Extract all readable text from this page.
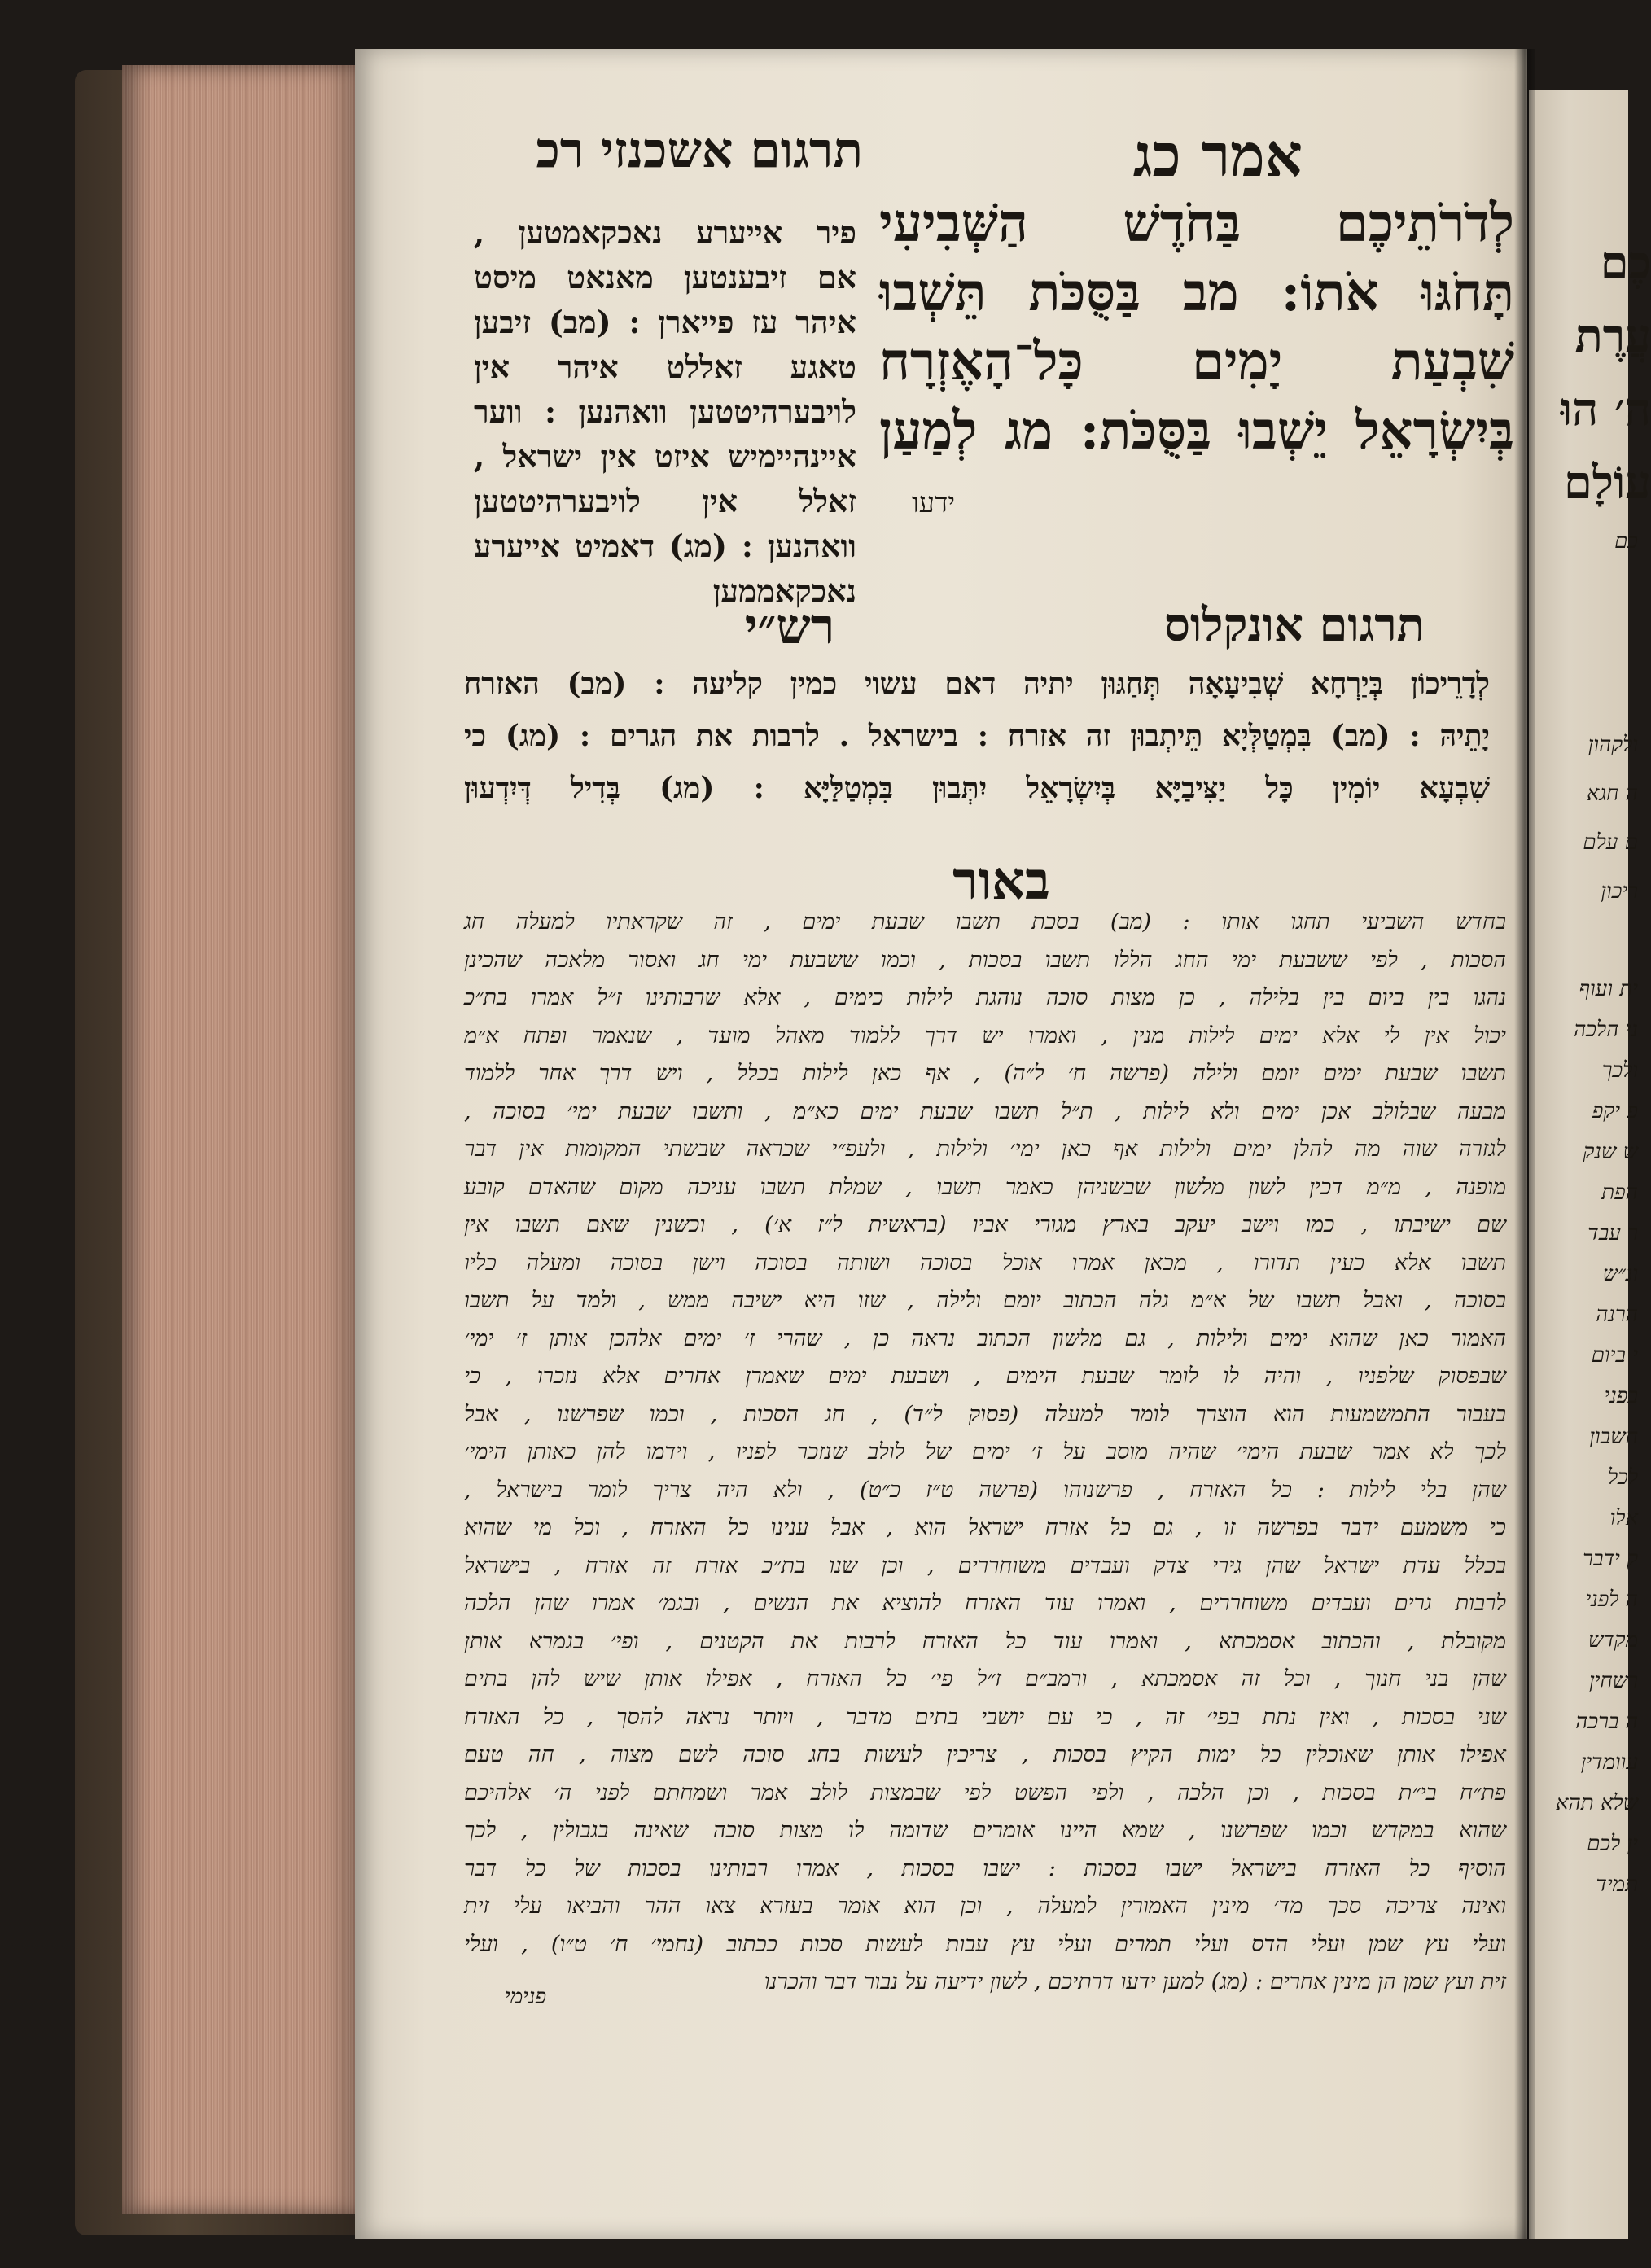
תרגום אשכנזי רכ	אמר כג
לְדֹרֹתֵיכֶם בַּחֹדֶשׁ הַשְּׁבִיעִי
תָּחֹגּוּ אֹתוֹ: מב בַּסֻּכֹּת תֵּשְׁבוּ
שִׁבְעַת יָמִים כָּל־הָאֶזְרָח
בְּיִשְׂרָאֵל יֵשְׁבוּ בַּסֻּכֹּת: מג לְמַעַן
ידעו
פיר אייערע נאכקאמטען ,
אם זיבענטען מאנאט מיסט
איהר עז פייארן : (מב) זיבען
טאגע זאללט איהר אין
לויבערהיטטען וואהנען : ווער
איינהיימיש איזט אין ישראל ,
זאלל אין לויבערהיטטען
וואהנען : (מג) דאמיט אייערע
נאכקאממען
תרגום אונקלוס
רש״י
לְדָרֵיכוֹן בְּיַרְחָא שְׁבִיעָאָה תְּחַגּוּן יתיה דאם עשוי כמין קליעה : (מב) האזרח
יָתֵיהּ : (מב) בִּמְטַלְּיָא תֵּיתְבוּן זה אזרח : בישראל . לרבות את הגרים : (מג) כי
שִׁבְעָא יוֹמִין כָּל יַצִּיבַיָּא בְּיִשְׂרָאֵל יִתְּבוּן בִּמְטַלַּיָּא : (מג) בְּדִיל דְּיִדְעוּן
באור
בחדש השביעי תחגו אותו : (מב) בסכת תשבו שבעת ימים , זה שקראתיו למעלה חג
הסכות , לפי ששבעת ימי החג הללו תשבו בסכות , וכמו ששבעת ימי חג ואסור מלאכה שהכינן
נהגו בין ביום בין בלילה , כן מצות סוכה נוהגת לילות כימים , אלא שרבותינו ז״ל אמרו בת״כ
יכול אין לי אלא ימים לילות מנין , ואמרו יש דרך ללמוד מאהל מועד , שנאמר ופתח א״מ
תשבו שבעת ימים יומם ולילה (פרשה ח׳ ל״ה) , אף כאן לילות בכלל , ויש דרך אחר ללמוד
מבעה שבלולב אכן ימים ולא לילות , ת״ל תשבו שבעת ימים כא״מ , ותשבו שבעת ימי׳ בסוכה ,
לגזרה שוה מה להלן ימים ולילות אף כאן ימי׳ ולילות , ולעפ״י שכראה שבשתי המקומות אין דבר
מופנה , מ״מ דכין לשון מלשון שבשניהן כאמר תשבו , שמלת תשבו עניכה מקום שהאדם קובע
שם ישיבתו , כמו וישב יעקב בארץ מגורי אביו (בראשית ל״ז א׳) , וכשנין שאם תשבו אין
תשבו אלא כעין תדורו , מכאן אמרו אוכל בסוכה ושותה בסוכה וישן בסוכה ומעלה כליו
בסוכה , ואבל תשבו של א״מ גלה הכתוב יומם ולילה , שזו היא ישיבה ממש , ולמד על תשבו
האמור כאן שהוא ימים ולילות , גם מלשון הכתוב נראה כן , שהרי ז׳ ימים אלהכן אותן ז׳ ימי׳
שבפסוק שלפניו , והיה לו לומר שבעת הימים , ושבעת ימים שאמרן אחרים אלא נזכרו , כי
בעבור התמשמעות הוא הוצרך לומר למעלה (פסוק ל״ד) , חג הסכות , וכמו שפרשנו , אבל
לכך לא אמר שבעת הימי׳ שהיה מוסב על ז׳ ימים של לולב שנזכר לפניו , וידמו להן כאותן הימי׳
שהן בלי לילות : כל האזרח , פרשנוהו (פרשה ט״ז כ״ט) , ולא היה צריך לומר בישראל ,
כי משמעם ידבר בפרשה זו , גם כל אזרח ישראל הוא , אבל ענינו כל האזרח , וכל מי שהוא
בכלל עדת ישראל שהן גירי צדק ועבדים משוחררים , וכן שנו בת״כ אזרח זה אזרח , בישראל
לרבות גרים ועבדים משוחררים , ואמרו עוד האזרח להוציא את הנשים , ובגמ׳ אמרו שהן הלכה
מקובלת , והכתוב אסמכתא , ואמרו עוד כל האזרח לרבות את הקטנים , ופי׳ בגמרא אותן
שהן בני חנוך , וכל זה אסמכתא , ורמב״ם ז״ל פי׳ כל האזרח , אפילו אותן שיש להן בתים
שני בסכות , ואין נתת בפי׳ זה , כי עם יושבי בתים מדבר , ויותר נראה להסך , כל האזרח
אפילו אותן שאוכלין כל ימות הקיץ בסכות , צריכין לעשות בחג סוכה לשם מצוה , חה טעם
פת״ח בי״ת בסכות , וכן הלכה , ולפי הפשט לפי שבמצות לולב אמר ושמחתם לפני ה׳ אלהיכם
שהוא במקדש וכמו שפרשנו , שמא היינו אומרים שדומה לו מצות סוכה שאינה בגבולין , לכך
הוסיף כל האזרח בישראל ישבו בסכות : ישבו בסכות , אמרו רבותינו בסכות של כל דבר
ואינה צריכה סכך מד׳ מינין האמורין למעלה , וכן הוא אומר בעזרא צאו ההר והביאו עלי זית
ועלי עץ שמן ועלי הדס ועלי תמרים ועלי עץ עבות לעשות סכות ככתוב (נחמי׳ ח׳ ט״ו) , ועלי
זית ועץ שמן הן מינין אחרים : (מג) למען ידעו דרתיכם , לשון ידיעה על נבור דבר והכרנו
פנימי
כֶם
עֲרֶת
ה׳ הוּ
עוֹלָם
כם
ולקהון
ה חגא
ם עלם
ריכון
ית ועוף
ני הלכה
ולכך
פ יקפ
ש שנק
הפת
ר עבד
ונ״ש
הרנה
י ביום
בפני
חשבון
לכל
אלו
ק ידבר
ה לפני
מקדש
רשחין
ה ברכה
עוומדין
שלא תהא
ין לכם
תמיד
